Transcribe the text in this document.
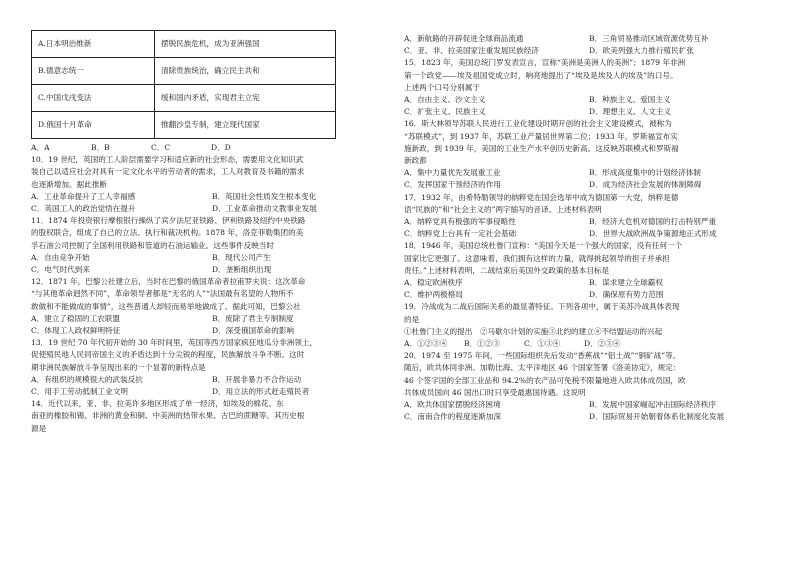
A.日本明治维新	摆脱民族危机，成为亚洲强国
B.德意志统一	清除贵族统治，确立民主共和
C.中国戊戌变法	缓和国内矛盾，实现君主立宪
D.俄国十月革命	推翻沙皇专制，建立现代国家
A．A	B．B	C．C	D．D

10．19 世纪，英国的工人阶层需要学习和适应新的社会形态，需要用文化知识武

装自己以适应社会对具有一定文化水平的劳动者的需求，工人对教育及书籍的需求

也逐渐增加。据此推断

A．工业革命提升了工人幸福感	B．英国社会性质发生根本变化
C．英国工人的政治觉悟在提升	D．工业革命推动文教事业发展

11．1874 年投资银行摩根银行操纵了宾夕法尼亚铁路、伊利铁路及纽约中央铁路

的股权联合，组成了自己的立法、执行和裁决机构。1878 年，洛克菲勒集团的美

孚石油公司控制了全国利用铁路和管道的石油运输业。这些事件反映当时

A．自由竞争开始	B．现代公司产生
C．电气时代到来	D．垄断组织出现

12．1871 年，巴黎公社建立后，当时在巴黎的俄国革命者拉甫罗夫说：这次革命

“与其他革命迥然不同”，革命领导者都是“无名的人”“法国最有名望的人物所不

敢做和不能做成的事情”，这些普通人却轻而易举地做成了。据此可知，巴黎公社

A．建立了稳固的工农联盟	B．废除了君主专制制度
C．体现工人政权鲜明特征	D．深受俄国革命的影响

13．19 世纪 70 年代初开始的 30 年时间里，英国等西方国家疯狂地瓜分非洲领土，

促使殖民地人民同帝国主义的矛盾达到十分尖锐的程度，民族解放斗争不断。这时

期非洲民族解放斗争呈现出来的一个显著的新特点是

A．有组织的规模很大的武装反抗	B．开展非暴力不合作运动
C．用手工劳动抵制工业文明	D．用立法的形式赶走殖民者

14．近代以来，亚、非、拉美许多地区形成了单一经济，如埃及的棉花、东

南亚的橡胶和锡、非洲的黄金和铜、中美洲的热带水果、古巴的蔗糖等。其历史根

源是

A．新航路的开辟促进全球商品流通	B．三角贸易推动区域资源优势互补
C．亚、非、拉美国家注重发展民族经济	D．欧美列强大力推行殖民扩张

15．1823 年，美国总统门罗发表宣言，宣称“美洲是美洲人的美洲”；1879 年非洲

第一个政党——埃及祖国党成立时，响亮地提出了“埃及是埃及人的埃及”的口号。

上述两个口号分别属于

A．自由主义、沙文主义	B．种族主义、爱国主义
C．扩张主义、民族主义	D．理想主义、人文主义

16．斯大林领导苏联人民进行工业化建设时期开创的社会主义建设模式，被称为

“苏联模式”，到 1937 年，苏联工业产量居世界第二位；1933 年，罗斯福宣布实

施新政，到 1939 年，美国的工业生产水平创历史新高。这反映苏联模式和罗斯福

新政都

A．集中力量优先发展重工业	B．形成高度集中的计划经济体制
C．发挥国家干预经济的作用	D．成为经济社会发展的体制障碍

17．1932 年，由希特勒领导的纳粹党在国会选举中成为德国第一大党，纳粹是德

语“民族的”和“社会主义的”两字缩写的音译。上述材料表明

A．纳粹党具有极强的军事侵略性	B．经济大危机对德国的打击特别严重
C．纳粹党上台具有一定社会基础	D．世界大战欧洲战争策源地正式形成

18．1946 年，美国总统杜鲁门宣称：“美国今天是一个强大的国家，没有任何一个

国家比它更强了。这意味着，我们拥有这样的力量，就得挑起领导的担子并承担

责任。”上述材料表明，二战结束后美国外交政策的基本目标是

A．稳定欧洲秩序	B．谋求建立全球霸权
C．维护两极格局	D．确保原有势力范围

19．冷战成为二战后国际关系的最显著特征。下列各项中，属于美苏冷战具体表现

的是

①杜鲁门主义的提出　②马歇尔计划的实施③北约的建立④不结盟运动的兴起

A．①②③④	B．①②③	C．①③④	D．②③④

20．1974 至 1975 年间，一些国际组织先后发动“香蕉战”“铝土战”“铜矿战”等。

随后，欧共体同非洲、加勒比海、太平洋地区 46 个国家签署《洛美协定》，规定：

46 个签字国的全部工业品和 94.2%的农产品可免税不限量地进入欧共体成员国，欧

共体成员国向 46 国出口时只享受最惠国待遇。这说明

A．欧共体国家摆脱经济困境	B．发展中国家崛起冲击国际经济秩序
C．南南合作的程度逐渐加深	D．国际贸易开始朝着体系化制度化发展
